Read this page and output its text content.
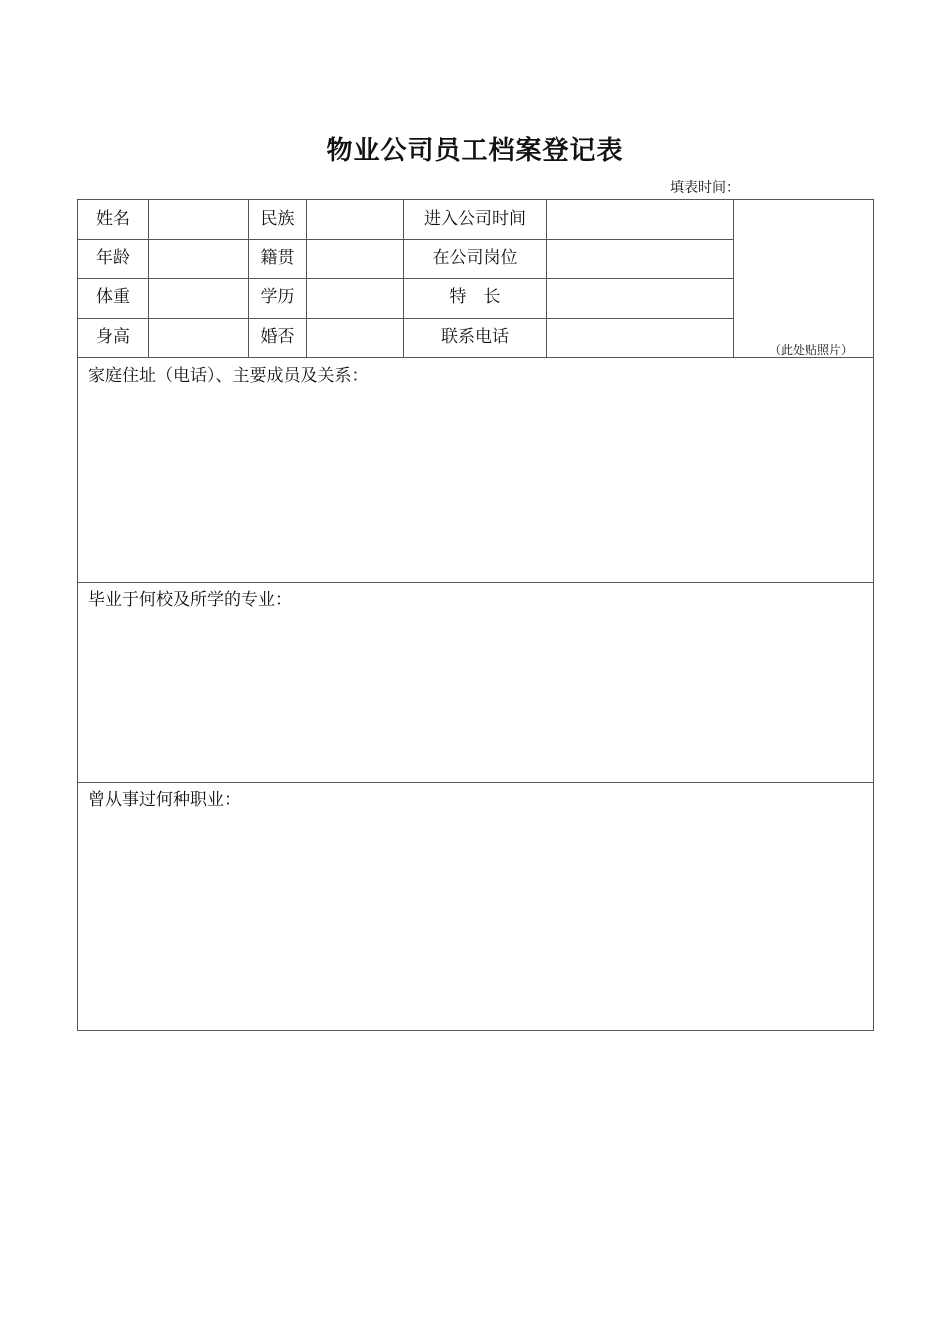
物业公司员工档案登记表
填表时间：
姓名	民族	进入公司时间
年龄	籍贯	在公司岗位
体重	学历	特　长
身高	婚否	联系电话
（此处贴照片）
家庭住址（电话）、主要成员及关系：
毕业于何校及所学的专业：
曾从事过何种职业：
